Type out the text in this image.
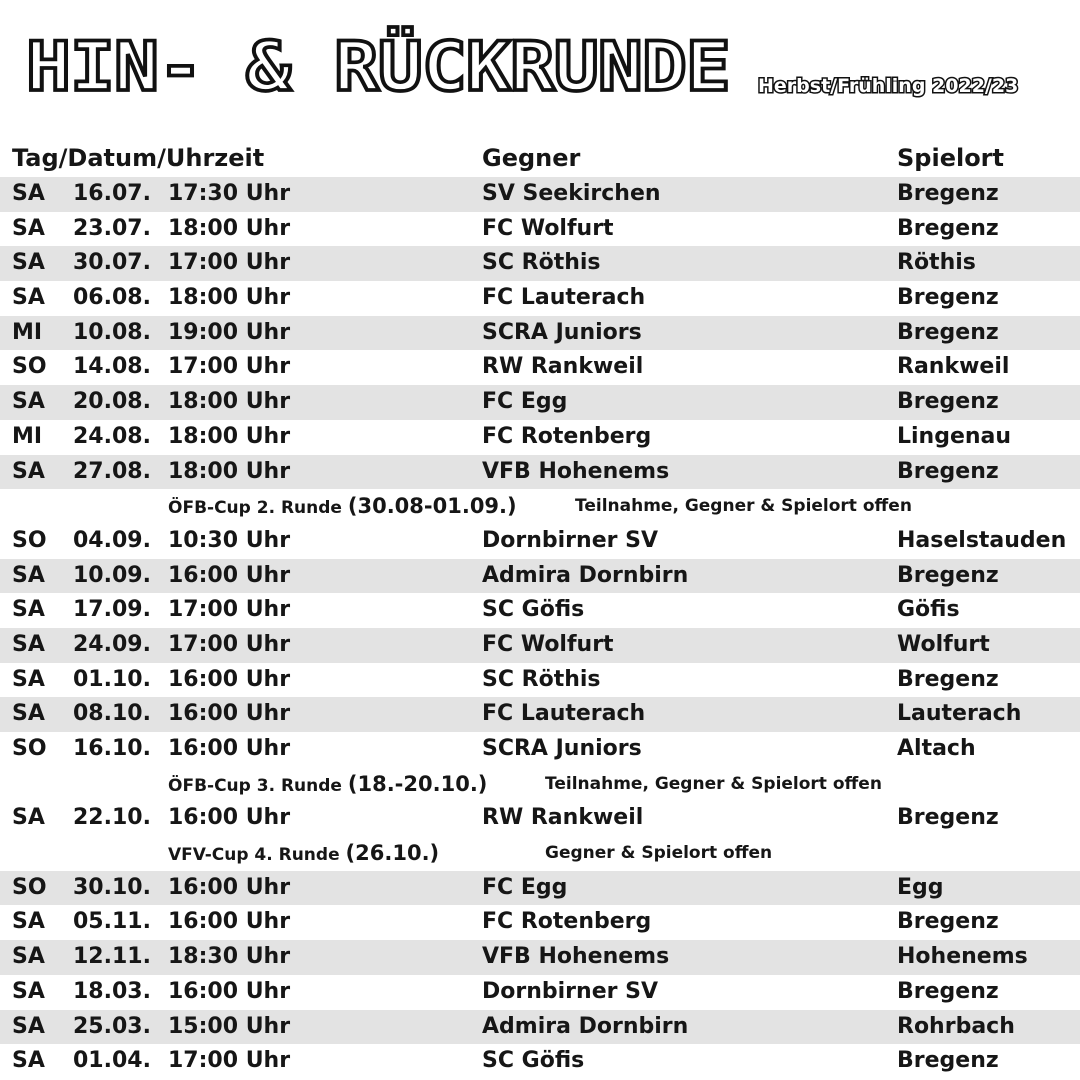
HIN- & RÜCKRUNDE Herbst/Frühling 2022/23
Tag/Datum/Uhrzeit	Gegner	Spielort
SA 16.07. 17:30 Uhr	SV Seekirchen	Bregenz
SA 23.07. 18:00 Uhr	FC Wolfurt	Bregenz
SA 30.07. 17:00 Uhr	SC Röthis	Röthis
SA 06.08. 18:00 Uhr	FC Lauterach	Bregenz
MI 10.08. 19:00 Uhr	SCRA Juniors	Bregenz
SO 14.08. 17:00 Uhr	RW Rankweil	Rankweil
SA 20.08. 18:00 Uhr	FC Egg	Bregenz
MI 24.08. 18:00 Uhr	FC Rotenberg	Lingenau
SA 27.08. 18:00 Uhr	VFB Hohenems	Bregenz
ÖFB-Cup 2. Runde (30.08-01.09.)	Teilnahme, Gegner & Spielort offen
SO 04.09. 10:30 Uhr	Dornbirner SV	Haselstauden
SA 10.09. 16:00 Uhr	Admira Dornbirn	Bregenz
SA 17.09. 17:00 Uhr	SC Göfis	Göfis
SA 24.09. 17:00 Uhr	FC Wolfurt	Wolfurt
SA 01.10. 16:00 Uhr	SC Röthis	Bregenz
SA 08.10. 16:00 Uhr	FC Lauterach	Lauterach
SO 16.10. 16:00 Uhr	SCRA Juniors	Altach
ÖFB-Cup 3. Runde (18.-20.10.)	Teilnahme, Gegner & Spielort offen
SA 22.10. 16:00 Uhr	RW Rankweil	Bregenz
VFV-Cup 4. Runde (26.10.)	Gegner & Spielort offen
SO 30.10. 16:00 Uhr	FC Egg	Egg
SA 05.11. 16:00 Uhr	FC Rotenberg	Bregenz
SA 12.11. 18:30 Uhr	VFB Hohenems	Hohenems
SA 18.03. 16:00 Uhr	Dornbirner SV	Bregenz
SA 25.03. 15:00 Uhr	Admira Dornbirn	Rohrbach
SA 01.04. 17:00 Uhr	SC Göfis	Bregenz
